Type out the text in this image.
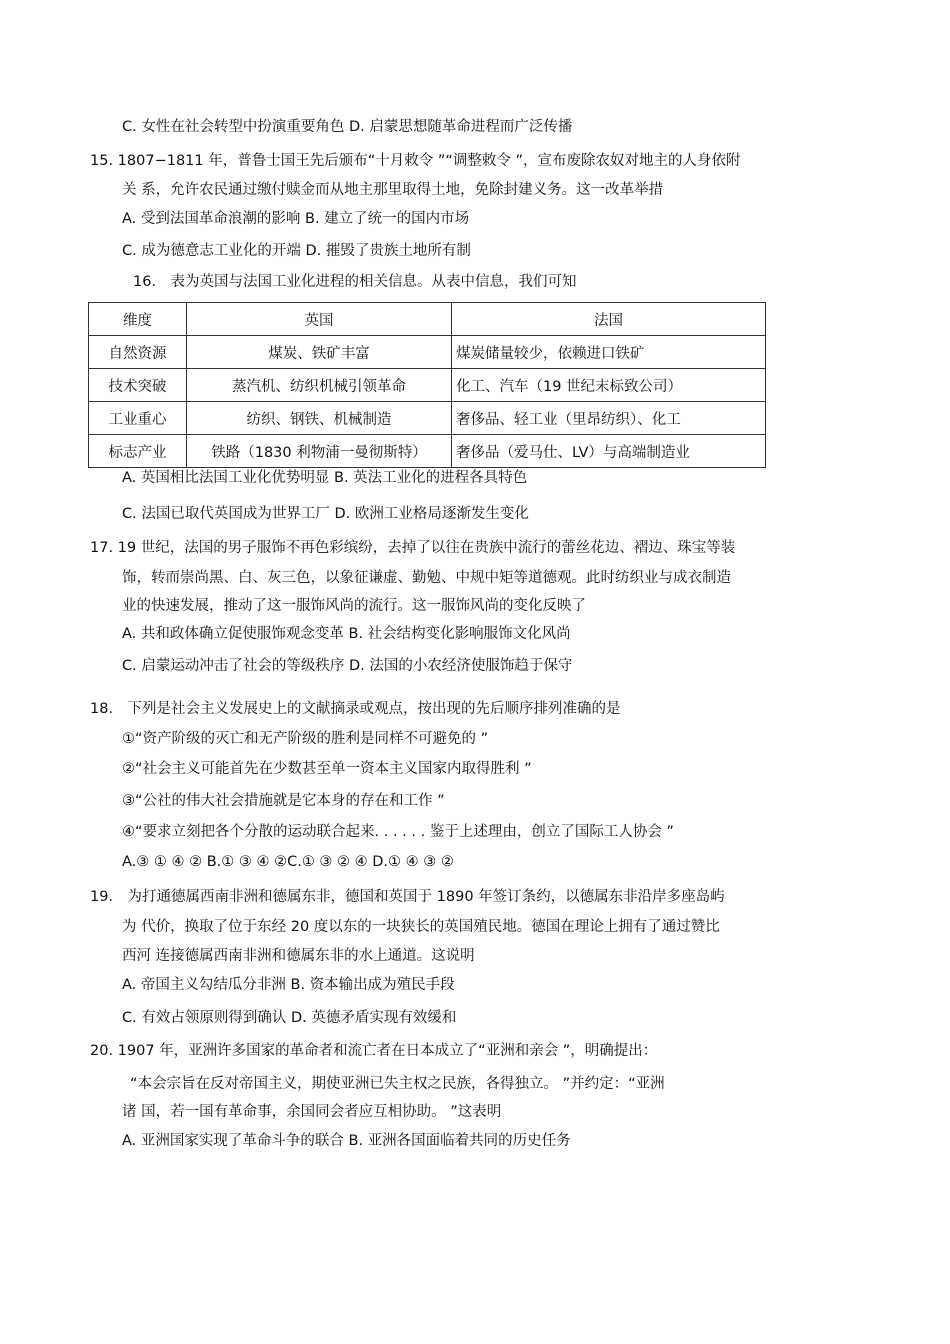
C. 女性在社会转型中扮演重要角色 D. 启蒙思想随革命进程而广泛传播
15. 1807−1811 年，普鲁士国王先后颁布“十月敕令 ”“调整敕令 ”，宣布废除农奴对地主的人身依附
关 系，允许农民通过缴付赎金而从地主那里取得土地，免除封建义务。这一改革举措
A. 受到法国革命浪潮的影响 B. 建立了统一的国内市场
C. 成为德意志工业化的开端 D. 摧毁了贵族土地所有制
16． 表为英国与法国工业化进程的相关信息。从表中信息，我们可知
维度	英国	法国
自然资源	煤炭、铁矿丰富	煤炭储量较少，依赖进口铁矿
技术突破	蒸汽机、纺织机械引领革命	化工、汽车（19 世纪末标致公司）
工业重心	纺织、钢铁、机械制造	奢侈品、轻工业（里昂纺织）、化工
标志产业	铁路（1830 利物浦一曼彻斯特）	奢侈品（爱马仕、LV）与高端制造业
A. 英国相比法国工业化优势明显 B. 英法工业化的进程各具特色
C. 法国已取代英国成为世界工厂 D. 欧洲工业格局逐渐发生变化
17. 19 世纪，法国的男子服饰不再色彩缤纷，去掉了以往在贵族中流行的蕾丝花边、褶边、珠宝等装
饰，转而崇尚黑、白、灰三色，以象征谦虚、勤勉、中规中矩等道德观。此时纺织业与成衣制造
业的快速发展，推动了这一服饰风尚的流行。这一服饰风尚的变化反映了
A. 共和政体确立促使服饰观念变革 B. 社会结构变化影响服饰文化风尚
C. 启蒙运动冲击了社会的等级秩序 D. 法国的小农经济使服饰趋于保守
18． 下列是社会主义发展史上的文献摘录或观点，按出现的先后顺序排列准确的是
①“资产阶级的灭亡和无产阶级的胜利是同样不可避免的 ”
②“社会主义可能首先在少数甚至单一资本主义国家内取得胜利 ”
③“公社的伟大社会措施就是它本身的存在和工作 ”
④“要求立刻把各个分散的运动联合起来. . . . . . 鉴于上述理由，创立了国际工人协会 ”
A.③ ① ④ ② B.① ③ ④ ②C.① ③ ② ④ D.① ④ ③ ②
19． 为打通德属西南非洲和德属东非，德国和英国于 1890 年签订条约，以德属东非沿岸多座岛屿
为 代价，换取了位于东经 20 度以东的一块狭长的英国殖民地。德国在理论上拥有了通过赞比
西河 连接德属西南非洲和德属东非的水上通道。这说明
A. 帝国主义勾结瓜分非洲 B. 资本输出成为殖民手段
C. 有效占领原则得到确认 D. 英德矛盾实现有效缓和
20. 1907 年，亚洲许多国家的革命者和流亡者在日本成立了“亚洲和亲会 ”，明确提出：
“本会宗旨在反对帝国主义，期使亚洲已失主权之民族，各得独立。 ”并约定：“亚洲
诸 国，若一国有革命事，余国同会者应互相协助。 ”这表明
A. 亚洲国家实现了革命斗争的联合 B. 亚洲各国面临着共同的历史任务
